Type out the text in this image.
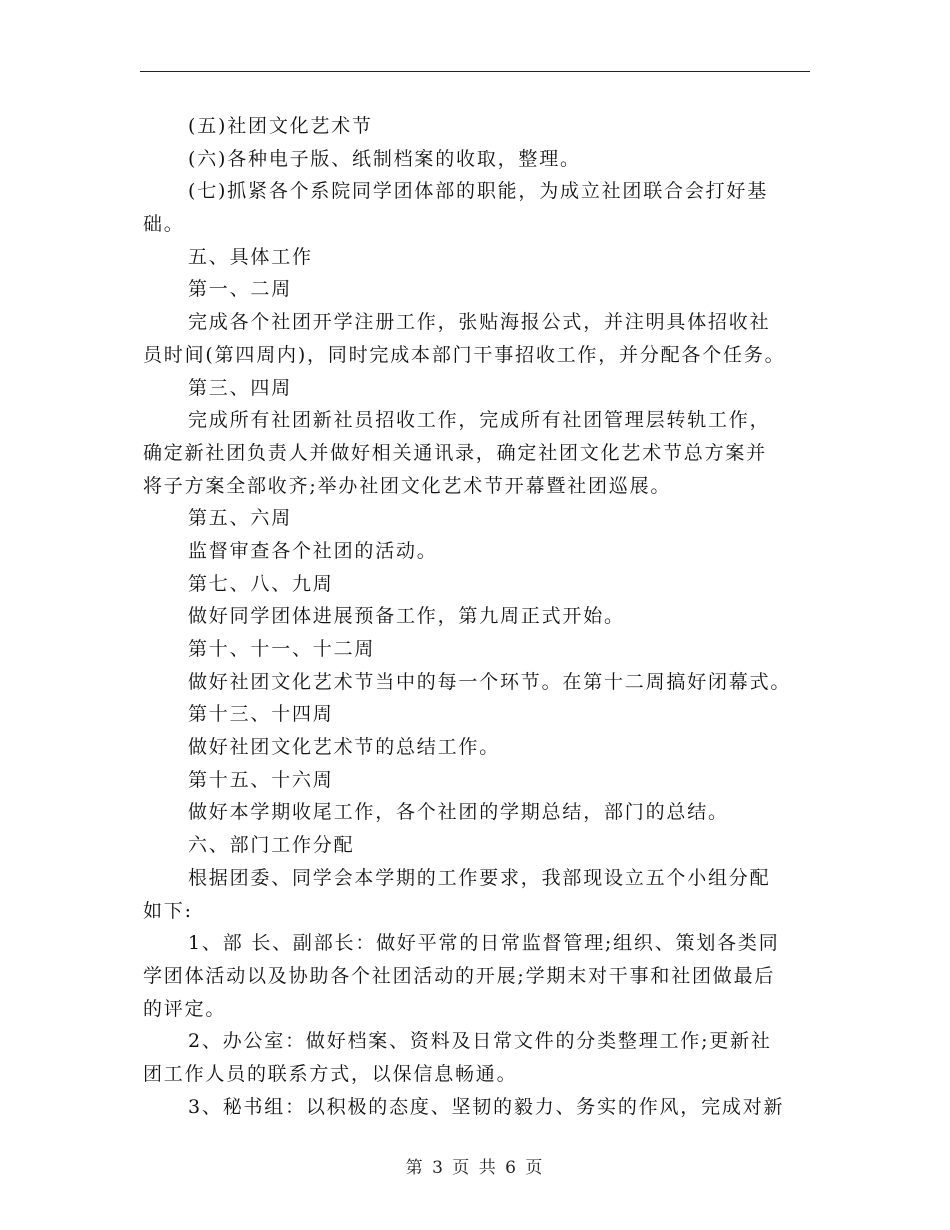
(五)社团文化艺术节
(六)各种电子版、纸制档案的收取，整理。
(七)抓紧各个系院同学团体部的职能，为成立社团联合会打好基
础。
五、具体工作
第一、二周
完成各个社团开学注册工作，张贴海报公式，并注明具体招收社
员时间(第四周内)，同时完成本部门干事招收工作，并分配各个任务。
第三、四周
完成所有社团新社员招收工作，完成所有社团管理层转轨工作，
确定新社团负责人并做好相关通讯录，确定社团文化艺术节总方案并
将子方案全部收齐;举办社团文化艺术节开幕暨社团巡展。
第五、六周
监督审查各个社团的活动。
第七、八、九周
做好同学团体进展预备工作，第九周正式开始。
第十、十一、十二周
做好社团文化艺术节当中的每一个环节。在第十二周搞好闭幕式。
第十三、十四周
做好社团文化艺术节的总结工作。
第十五、十六周
做好本学期收尾工作，各个社团的学期总结，部门的总结。
六、部门工作分配
根据团委、同学会本学期的工作要求，我部现设立五个小组分配
如下:
1、部 长、副部长：做好平常的日常监督管理;组织、策划各类同
学团体活动以及协助各个社团活动的开展;学期末对干事和社团做最后
的评定。
2、办公室：做好档案、资料及日常文件的分类整理工作;更新社
团工作人员的联系方式，以保信息畅通。
3、秘书组：以积极的态度、坚韧的毅力、务实的作风，完成对新
第 3 页 共 6 页
